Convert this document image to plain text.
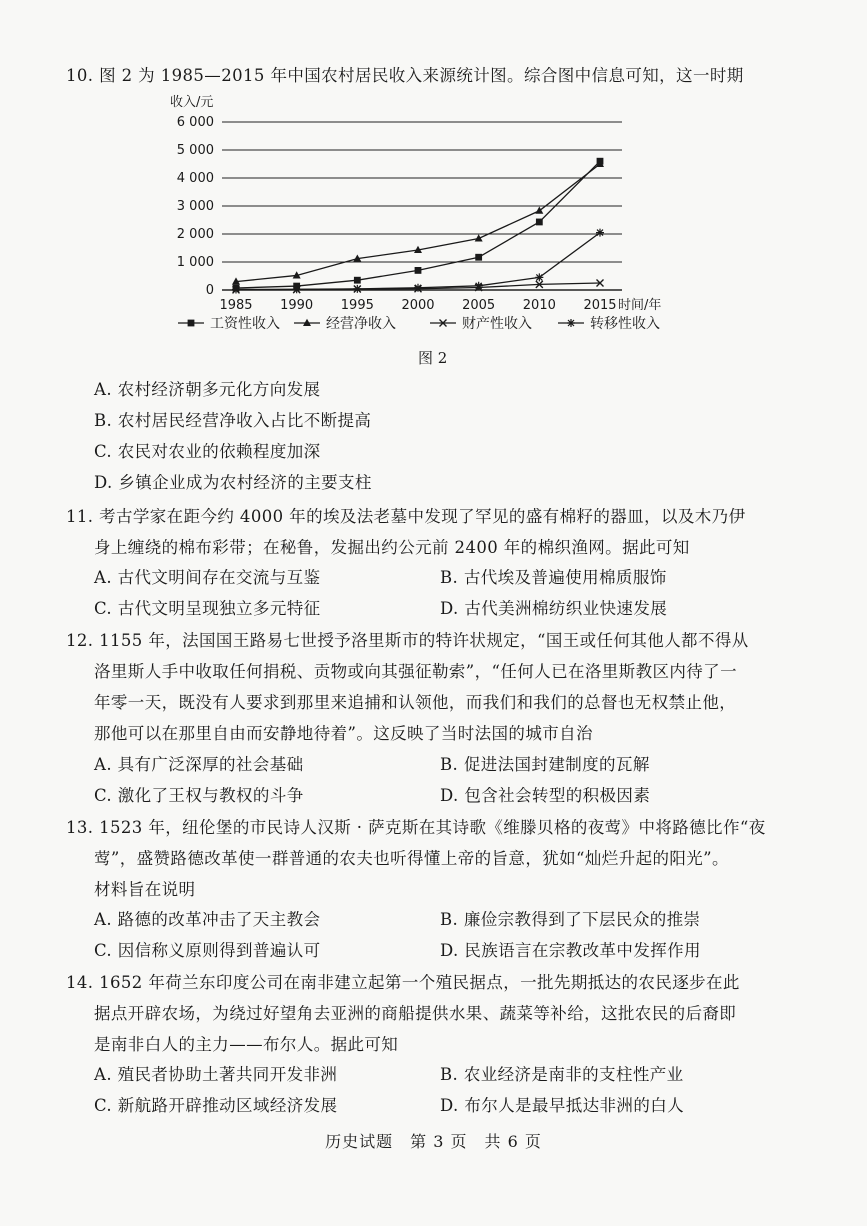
10. 图 2 为 1985—2015 年中国农村居民收入来源统计图。综合图中信息可知，这一时期
收入/元
0
1 000
2 000
3 000
4 000
5 000
6 000
1985 1990 1995 2000 2005 2010 2015 时间/年
工资性收入	经营净收入	财产性收入	转移性收入
图 2
A. 农村经济朝多元化方向发展
B. 农村居民经营净收入占比不断提高
C. 农民对农业的依赖程度加深
D. 乡镇企业成为农村经济的主要支柱
11. 考古学家在距今约 4000 年的埃及法老墓中发现了罕见的盛有棉籽的器皿，以及木乃伊
身上缠绕的棉布彩带；在秘鲁，发掘出约公元前 2400 年的棉织渔网。据此可知
A. 古代文明间存在交流与互鉴	B. 古代埃及普遍使用棉质服饰
C. 古代文明呈现独立多元特征	D. 古代美洲棉纺织业快速发展
12. 1155 年，法国国王路易七世授予洛里斯市的特许状规定，“国王或任何其他人都不得从
洛里斯人手中收取任何捐税、贡物或向其强征勒索”，“任何人已在洛里斯教区内待了一
年零一天，既没有人要求到那里来追捕和认领他，而我们和我们的总督也无权禁止他，
那他可以在那里自由而安静地待着”。这反映了当时法国的城市自治
A. 具有广泛深厚的社会基础	B. 促进法国封建制度的瓦解
C. 激化了王权与教权的斗争	D. 包含社会转型的积极因素
13. 1523 年，纽伦堡的市民诗人汉斯 · 萨克斯在其诗歌《维滕贝格的夜莺》中将路德比作“夜
莺”，盛赞路德改革使一群普通的农夫也听得懂上帝的旨意，犹如“灿烂升起的阳光”。
材料旨在说明
A. 路德的改革冲击了天主教会	B. 廉俭宗教得到了下层民众的推崇
C. 因信称义原则得到普遍认可	D. 民族语言在宗教改革中发挥作用
14. 1652 年荷兰东印度公司在南非建立起第一个殖民据点，一批先期抵达的农民逐步在此
据点开辟农场，为绕过好望角去亚洲的商船提供水果、蔬菜等补给，这批农民的后裔即
是南非白人的主力——布尔人。据此可知
A. 殖民者协助土著共同开发非洲	B. 农业经济是南非的支柱性产业
C. 新航路开辟推动区域经济发展	D. 布尔人是最早抵达非洲的白人
历史试题　第 3 页　共 6 页
